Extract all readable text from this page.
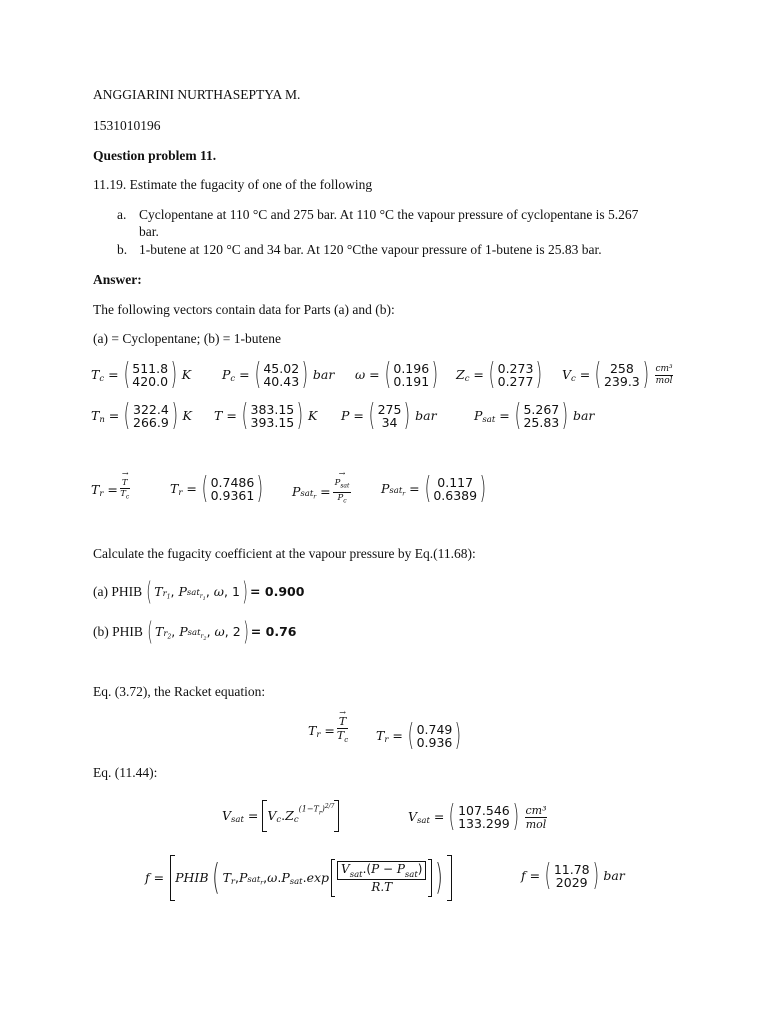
ANGGIARINI NURTHASEPTYA M.
1531010196
Question problem 11.
11.19. Estimate the fugacity of one of the following
a. Cyclopentane at 110 °C and 275 bar. At 110 °C the vapour pressure of cyclopentane is 5.267
bar.
b. 1-butene at 120 °C and 34 bar. At 120 °Cthe vapour pressure of 1-butene is 25.83 bar.
Answer:
The following vectors contain data for Parts (a) and (b):
(a) = Cyclopentane; (b) = 1-butene
T c = ( 511.8
420.0 ) K P c = ( 45.02
40.43 ) bar ω = ( 0.196
0.191 ) Z c = ( 0.273
0.277 ) V c = ( 258
239.3 ) cm³
mol
T n = ( 322.4
266.9 ) K T = ( 383.15
393.15 ) K P = ( 275
34 ) bar	P sat = ( 5.267
25.83 ) bar
T r = → $\frac{T}{T_c}$	T r = ( 0.7486
0.9361 ) P sat$_r$ = → $\frac{P_{sat}}{P_c}$ P sat$_r$ = ( 0.117
0.6389 )
Calculate the fugacity coefficient at the vapour pressure by Eq.(11.68):
(a) PHIB ( T $r_1$ , P sat$_{r_1}$ , ω , 1 ) = 0.900
(b) PHIB ( T $r_2$ , P sat$_{r_2}$ , ω , 2 ) = 0.76
Eq. (3.72), the Racket equation:
T r = → $\frac{T}{T_c}$ T r = ( 0.749
0.936 )
Eq. (11.44):
V sat = V c . Z c
$(1-T_r)^{2/7}$
V sat = ( 107.546
133.299 ) cm³
mol
f = PHIB ( T r , P sat$_r$ , ω . P sat . $\exp \frac{V_{sat}.(P - P_{sat})}{R.T}$ )	f = ( 11.78
2029 ) bar
